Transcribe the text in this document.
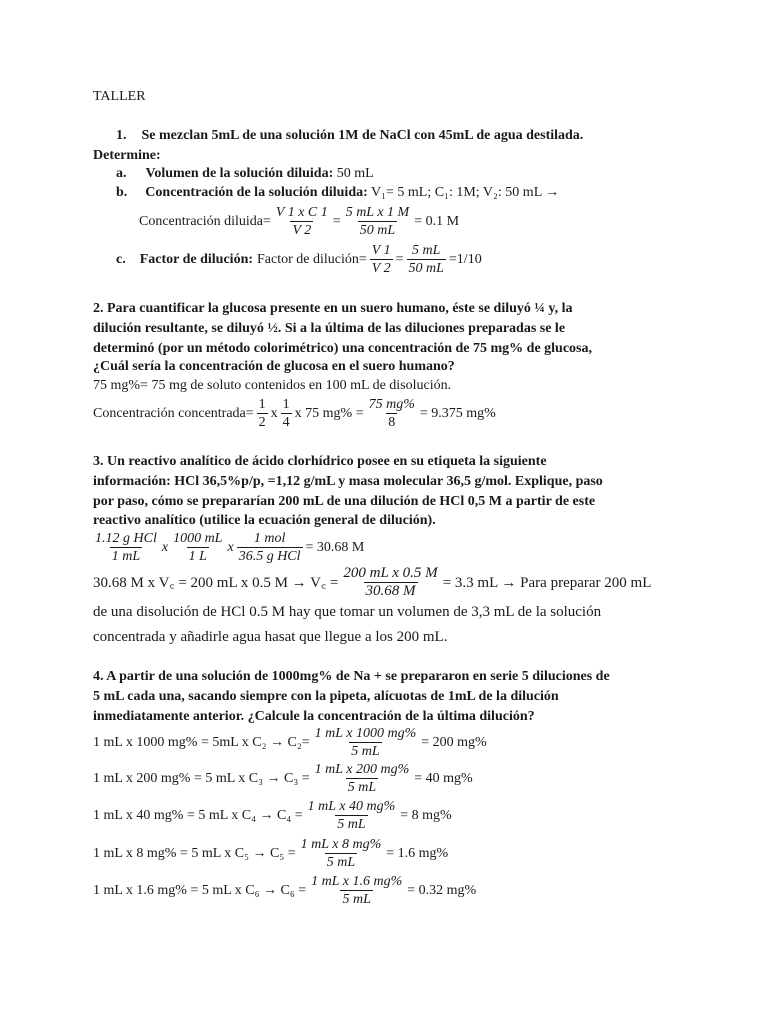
TALLER
1. Se mezclan 5mL de una solución 1M de NaCl con 45mL de agua destilada.
Determine:
a. Volumen de la solución diluida: 50 mL
b. Concentración de la solución diluida: V₁= 5 mL; C₁: 1M; V₂: 50 mL →
Concentración diluida= $\frac{\text{V 1 x C 1}}{V 2} = \frac{\text{5 mL x 1 M}}{50 mL} = 0.1$ M
c. Factor de dilución: Factor de dilución= $\frac{V 1}{V 2} = \frac{5 mL}{50 mL} =1/10$
2. Para cuantificar la glucosa presente en un suero humano, éste se diluyó ¼ y, la
dilución resultante, se diluyó ½. Si a la última de las diluciones preparadas se le
determinó (por un método colorimétrico) una concentración de 75 mg% de glucosa,
¿Cuál sería la concentración de glucosa en el suero humano?
75 mg%= 75 mg de soluto contenidos en 100 mL de disolución.
Concentración concentrada= $\frac{1}{2}$ x $\frac{1}{4}$ x 75 $mg\% = \frac{75 mg\%}{8} = 9.375$ mg%
3. Un reactivo analítico de ácido clorhídrico posee en su etiqueta la siguiente
información: HCl 36,5%p/p, =1,12 g/mL y masa molecular 36,5 g/mol. Explique, paso
por paso, cómo se prepararían 200 mL de una dilución de HCl 0,5 M a partir de este
reactivo analítico (utilice la ecuación general de dilución).
$\frac{\text{1.12 g HCl}}{1 mL}$ x $\frac{1000 mL}{1 L}$ x $\frac{\text{1 mol}}{\text{36.5 g HCl}} = 30.68$ M
30.68 M x V꜀ = 200 mL x 0.5 M → V꜀ = $\frac{\text{200 mL x 0.5 M}}{30.68 M} = 3.3$ mL → Para preparar 200 mL
de una disolución de HCl 0.5 M hay que tomar un volumen de 3,3 mL de la solución
concentrada y añadirle agua hasat que llegue a los 200 mL.
4. A partir de una solución de 1000mg% de Na + se prepararon en serie 5 diluciones de
5 mL cada una, sacando siempre con la pipeta, alícuotas de 1mL de la dilución
inmediatamente anterior. ¿Calcule la concentración de la última dilución?
1 mL x 1000 mg% = 5mL x $C_2 \to C_2= \frac{\text{1 mL x 1000 mg\%}}{5 mL} = 200$ mg%
1 mL x 200 mg% = 5 mL x $C_3 \to C_3 = \frac{\text{1 mL x 200 mg\%}}{5 mL} = 40$ mg%
1 mL x 40 mg% = 5 mL x $C_4 \to C_4 = \frac{\text{1 mL x 40 mg\%}}{5 mL} = 8$ mg%
1 mL x 8 mg% = 5 mL x $C_5 \to C_5 = \frac{\text{1 mL x 8 mg\%}}{5 mL} = 1.6$ mg%
1 mL x 1.6 mg% = 5 mL x $C_6 \to C_6 = \frac{\text{1 mL x 1.6 mg\%}}{5 mL} = 0.32$ mg%
